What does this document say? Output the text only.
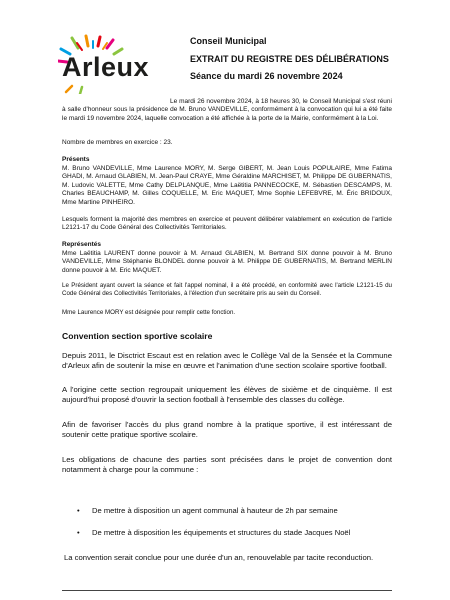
Arleux
Conseil Municipal
EXTRAIT DU REGISTRE DES DÉLIBÉRATIONS
Séance du mardi 26 novembre 2024
Le mardi 26 novembre 2024, à 18 heures 30, le Conseil Municipal s'est réuni à salle d'honneur sous la présidence de M. Bruno VANDEVILLE, conformément à la convocation qui lui a été faite le mardi 19 novembre 2024, laquelle convocation a été affichée à la porte de la Mairie, conformément à la Loi.
Nombre de membres en exercice : 23.
Présents
M. Bruno VANDEVILLE, Mme Laurence MORY, M. Serge GIBERT, M. Jean Louis POPULAIRE, Mme Fatima GHADI, M. Arnaud GLABIEN, M. Jean-Paul CRAYE, Mme Géraldine MARCHISET, M. Philippe DE GUBERNATIS, M. Ludovic VALETTE, Mme Cathy DELPLANQUE, Mme Laëtitia PANNECOCKE, M. Sébastien DESCAMPS, M. Charles BEAUCHAMP, M. Gilles COQUELLE, M. Eric MAQUET, Mme Sophie LEFEBVRE, M. Éric BRIDOUX, Mme Martine PINHEIRO.
Lesquels forment la majorité des membres en exercice et peuvent délibérer valablement en exécution de l'article L2121-17 du Code Général des Collectivités Territoriales.
Représentés
Mme Laëtitia LAURENT donne pouvoir à M. Arnaud GLABIEN, M. Bertrand SIX donne pouvoir à M. Bruno VANDEVILLE, Mme Stéphanie BLONDEL donne pouvoir à M. Philippe DE GUBERNATIS, M. Bertrand MERLIN donne pouvoir à M. Eric MAQUET.
Le Président ayant ouvert la séance et fait l'appel nominal, il a été procédé, en conformité avec l'article L2121-15 du Code Général des Collectivités Territoriales, à l'élection d'un secrétaire pris au sein du Conseil.
Mme Laurence MORY est désignée pour remplir cette fonction.
Convention section sportive scolaire
Depuis 2011, le Disctrict Escaut est en relation avec le Collège Val de la Sensée et la Commune d'Arleux afin de soutenir la mise en œuvre et l'animation d'une section scolaire sportive football.
A l'origine cette section regroupait uniquement les élèves de sixième et de cinquième. Il est aujourd'hui proposé d'ouvrir la section football à l'ensemble des classes du collège.
Afin de favoriser l'accès du plus grand nombre à la pratique sportive, il est intéressant de soutenir cette pratique sportive scolaire.
Les obligations de chacune des parties sont précisées dans le projet de convention dont notamment à charge pour la commune :
• De mettre à disposition un agent communal à hauteur de 2h par semaine
• De mettre à disposition les équipements et structures du stade Jacques Noël
La convention serait conclue pour une durée d'un an, renouvelable par tacite reconduction.
